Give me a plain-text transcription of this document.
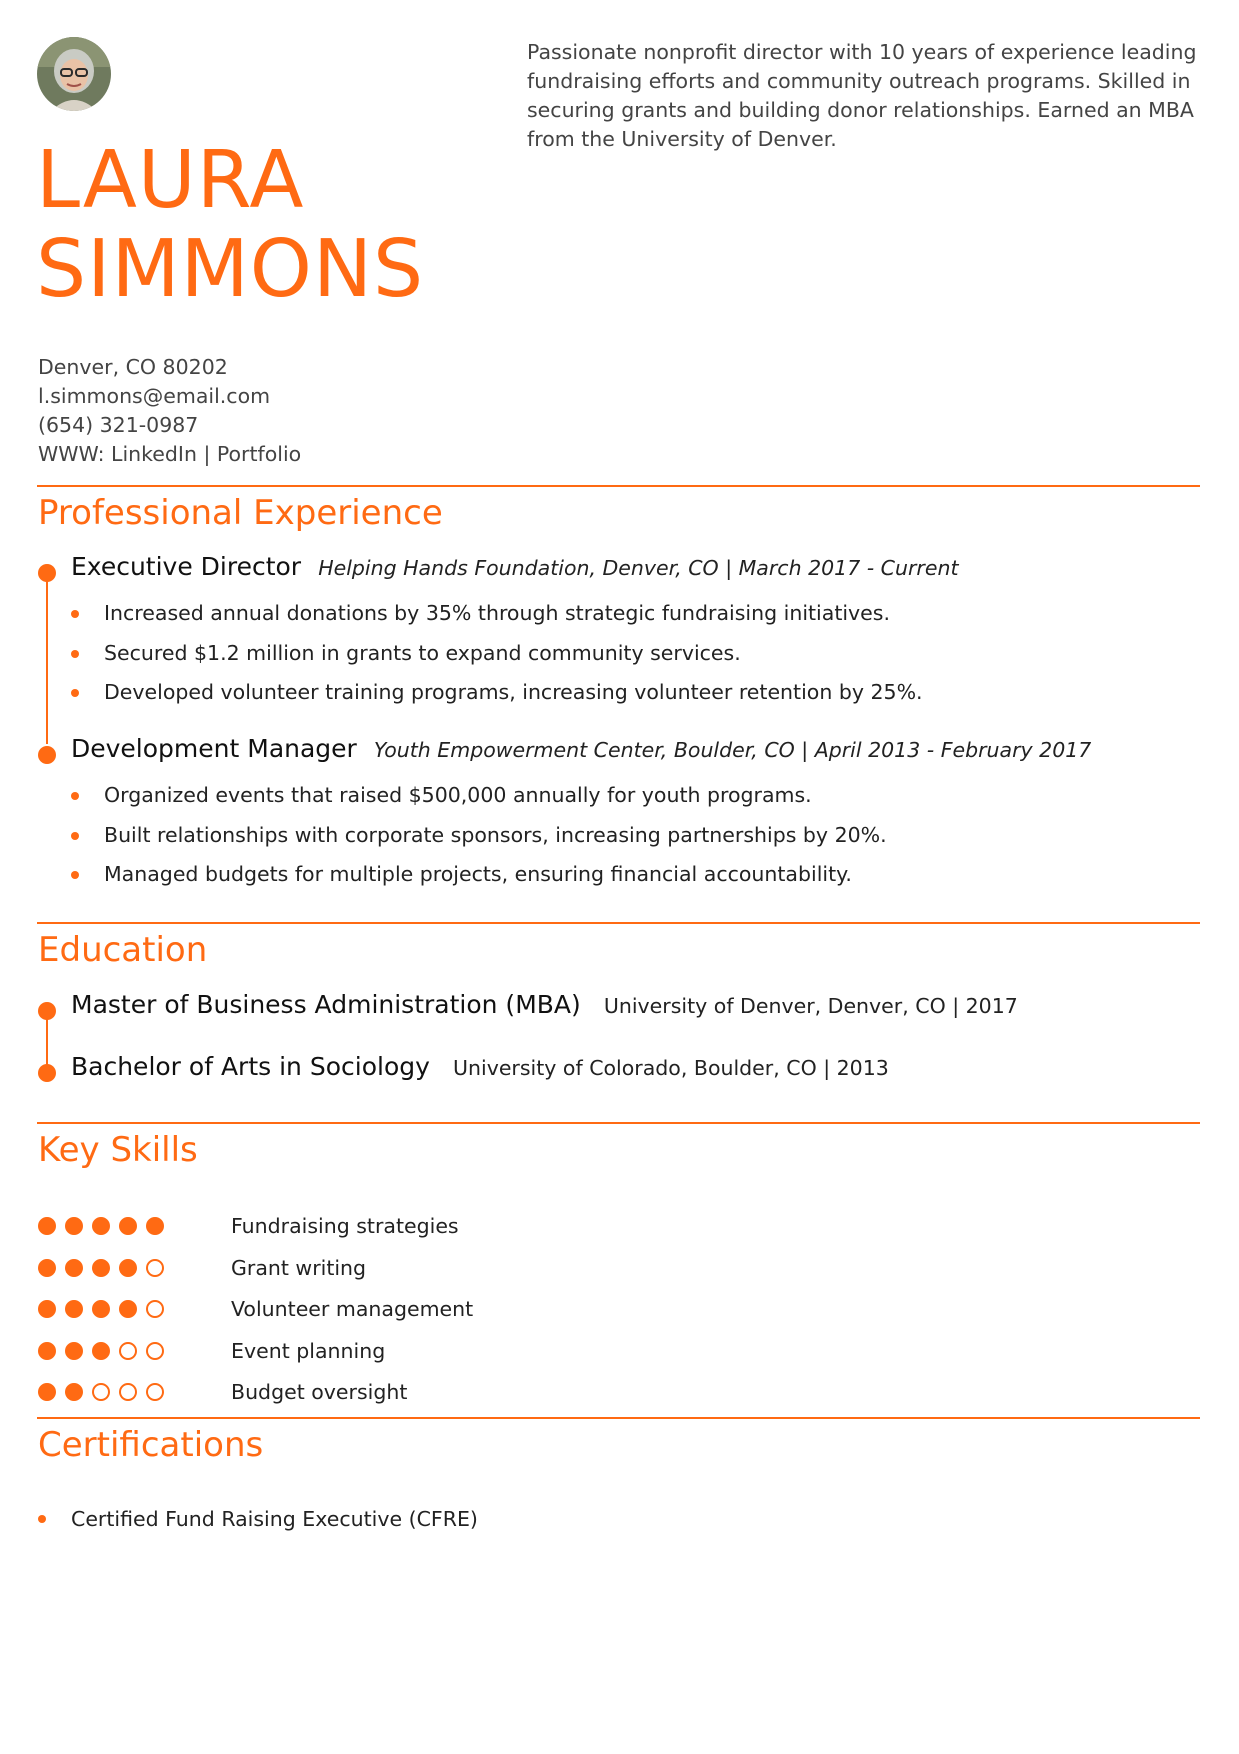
Passionate nonprofit director with 10 years of experience leading fundraising efforts and community outreach programs. Skilled in securing grants and building donor relationships. Earned an MBA from the University of Denver.
LAURA
SIMMONS
Denver, CO 80202
l.simmons@email.com
(654) 321-0987
WWW: LinkedIn | Portfolio
Professional Experience
Executive Director Helping Hands Foundation, Denver, CO | March 2017 - Current
Increased annual donations by 35% through strategic fundraising initiatives.
Secured $1.2 million in grants to expand community services.
Developed volunteer training programs, increasing volunteer retention by 25%.
Development Manager Youth Empowerment Center, Boulder, CO | April 2013 - February 2017
Organized events that raised $500,000 annually for youth programs.
Built relationships with corporate sponsors, increasing partnerships by 20%.
Managed budgets for multiple projects, ensuring financial accountability.
Education
Master of Business Administration (MBA) University of Denver, Denver, CO | 2017
Bachelor of Arts in Sociology University of Colorado, Boulder, CO | 2013
Key Skills
Fundraising strategies
Grant writing
Volunteer management
Event planning
Budget oversight
Certifications
Certified Fund Raising Executive (CFRE)
